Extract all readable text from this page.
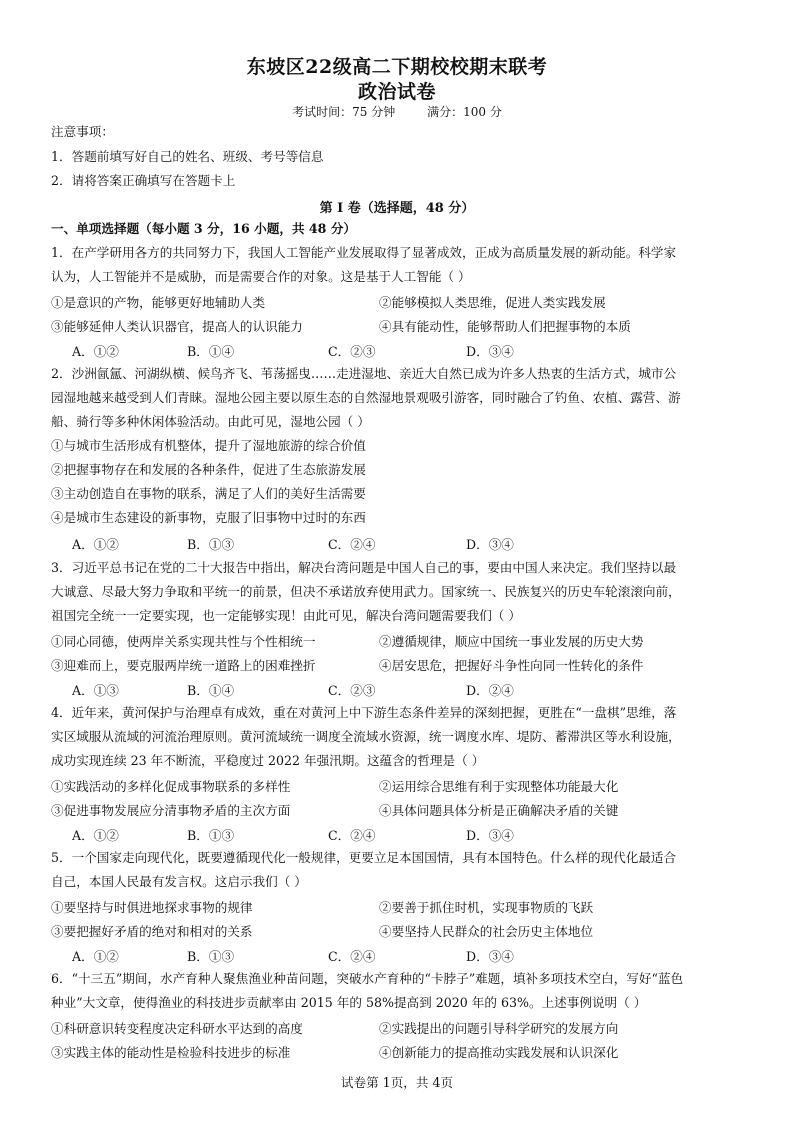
东坡区22级高二下期校校期末联考
政治试卷
考试时间：75 分钟	满分：100 分
注意事项：
1．答题前填写好自己的姓名、班级、考号等信息
2．请将答案正确填写在答题卡上
第 I 卷（选择题，48 分）
一、单项选择题（每小题 3 分，16 小题，共 48 分）
1．在产学研用各方的共同努力下，我国人工智能产业发展取得了显著成效，正成为高质量发展的新动能。科学家
认为，人工智能并不是威胁，而是需要合作的对象。这是基于人工智能（ ）
①是意识的产物，能够更好地辅助人类	②能够模拟人类思维，促进人类实践发展
③能够延伸人类认识器官，提高人的认识能力	④具有能动性，能够帮助人们把握事物的本质
A．①②	B．①④	C．②③	D．③④
2．沙洲氤氲、河湖纵横、候鸟齐飞、苇荡摇曳……走进湿地、亲近大自然已成为许多人热衷的生活方式，城市公
园湿地越来越受到人们青睐。湿地公园主要以原生态的自然湿地景观吸引游客，同时融合了钓鱼、农植、露营、游
船、骑行等多种休闲体验活动。由此可见，湿地公园（ ）
①与城市生活形成有机整体，提升了湿地旅游的综合价值
②把握事物存在和发展的各种条件，促进了生态旅游发展
③主动创造自在事物的联系，满足了人们的美好生活需要
④是城市生态建设的新事物，克服了旧事物中过时的东西
A．①②	B．①③	C．②④	D．③④
3．习近平总书记在党的二十大报告中指出，解决台湾问题是中国人自己的事，要由中国人来决定。我们坚持以最
大诚意、尽最大努力争取和平统一的前景，但决不承诺放弃使用武力。国家统一、民族复兴的历史车轮滚滚向前，
祖国完全统一一定要实现，也一定能够实现！由此可见，解决台湾问题需要我们（ ）
①同心同德，使两岸关系实现共性与个性相统一	②遵循规律，顺应中国统一事业发展的历史大势
③迎难而上，要克服两岸统一道路上的困难挫折	④居安思危，把握好斗争性向同一性转化的条件
A．①③	B．①④	C．②③	D．②④
4．近年来，黄河保护与治理卓有成效，重在对黄河上中下游生态条件差异的深刻把握，更胜在“一盘棋”思维，落
实区域服从流域的河流治理原则。黄河流域统一调度全流域水资源，统一调度水库、堤防、蓄滞洪区等水利设施，
成功实现连续 23 年不断流，平稳度过 2022 年强汛期。这蕴含的哲理是（ ）
①实践活动的多样化促成事物联系的多样性	②运用综合思维有利于实现整体功能最大化
③促进事物发展应分清事物矛盾的主次方面	④具体问题具体分析是正确解决矛盾的关键
A．①②	B．①③	C．②④	D．③④
5．一个国家走向现代化，既要遵循现代化一般规律，更要立足本国国情，具有本国特色。什么样的现代化最适合
自己，本国人民最有发言权。这启示我们（ ）
①要坚持与时俱进地探求事物的规律	②要善于抓住时机，实现事物质的飞跃
③要把握好矛盾的绝对和相对的关系	④要坚持人民群众的社会历史主体地位
A．①②	B．①③	C．②④	D．③④
6．“十三五”期间，水产育种人聚焦渔业种苗问题，突破水产育种的“卡脖子”难题，填补多项技术空白，写好“蓝色
种业”大文章，使得渔业的科技进步贡献率由 2015 年的 58%提高到 2020 年的 63%。上述事例说明（ ）
①科研意识转变程度决定科研水平达到的高度	②实践提出的问题引导科学研究的发展方向
③实践主体的能动性是检验科技进步的标准	④创新能力的提高推动实践发展和认识深化
试卷第 1页，共 4页
